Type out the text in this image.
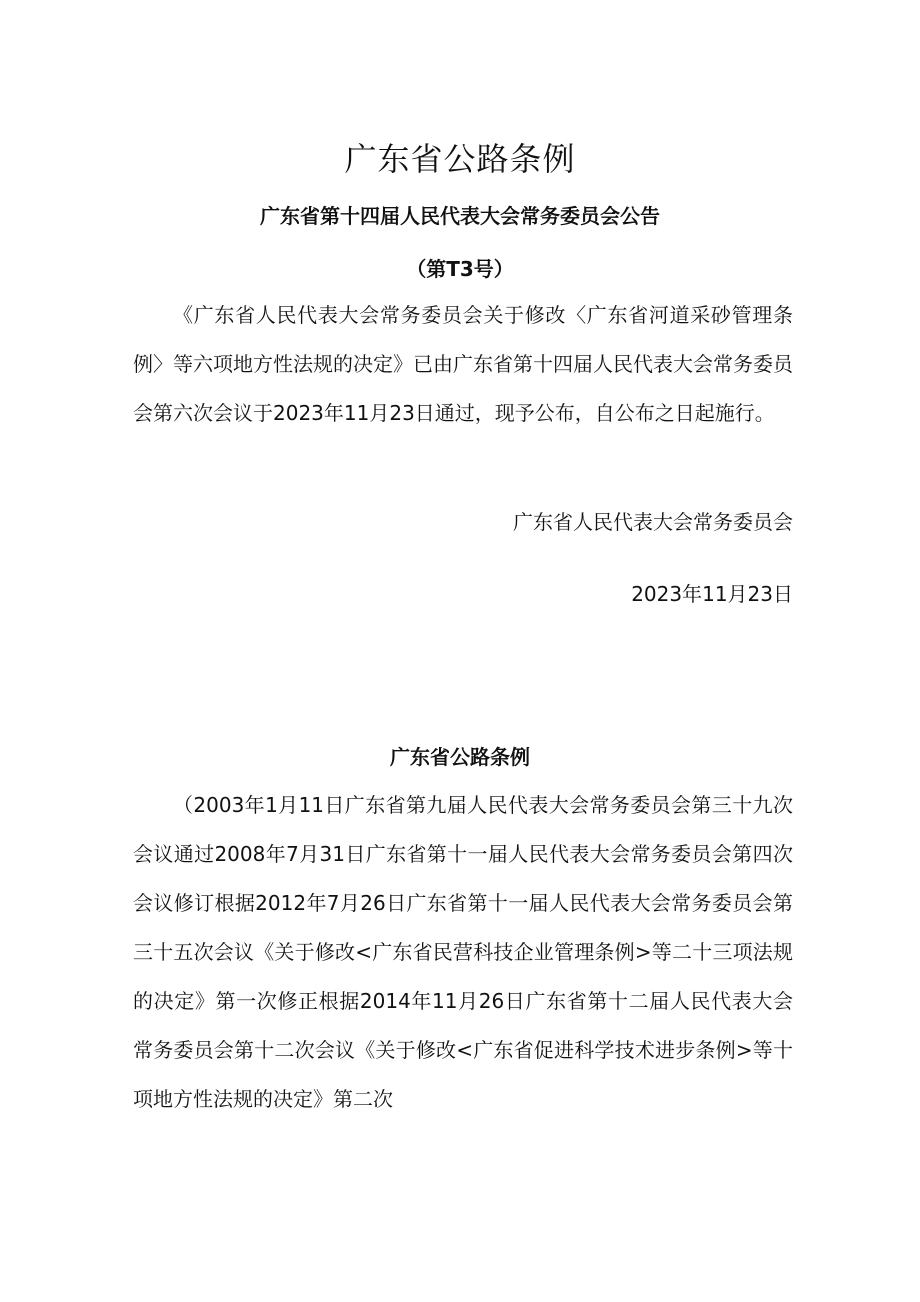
广东省公路条例
广东省第十四届人民代表大会常务委员会公告

（第T3号）

《广东省人民代表大会常务委员会关于修改〈广东省河道采砂管理条例〉等六项地方性法规的决定》已由广东省第十四届人民代表大会常务委员会第六次会议于2023年11月23日通过，现予公布，自公布之日起施行。

广东省人民代表大会常务委员会

2023年11月23日

广东省公路条例

（2003年1月11日广东省第九届人民代表大会常务委员会第三十九次会议通过2008年7月31日广东省第十一届人民代表大会常务委员会第四次会议修订根据2012年7月26日广东省第十一届人民代表大会常务委员会第三十五次会议《关于修改<广东省民营科技企业管理条例>等二十三项法规的决定》第一次修正根据2014年11月26日广东省第十二届人民代表大会常务委员会第十二次会议《关于修改<广东省促进科学技术进步条例>等十项地方性法规的决定》第二次
